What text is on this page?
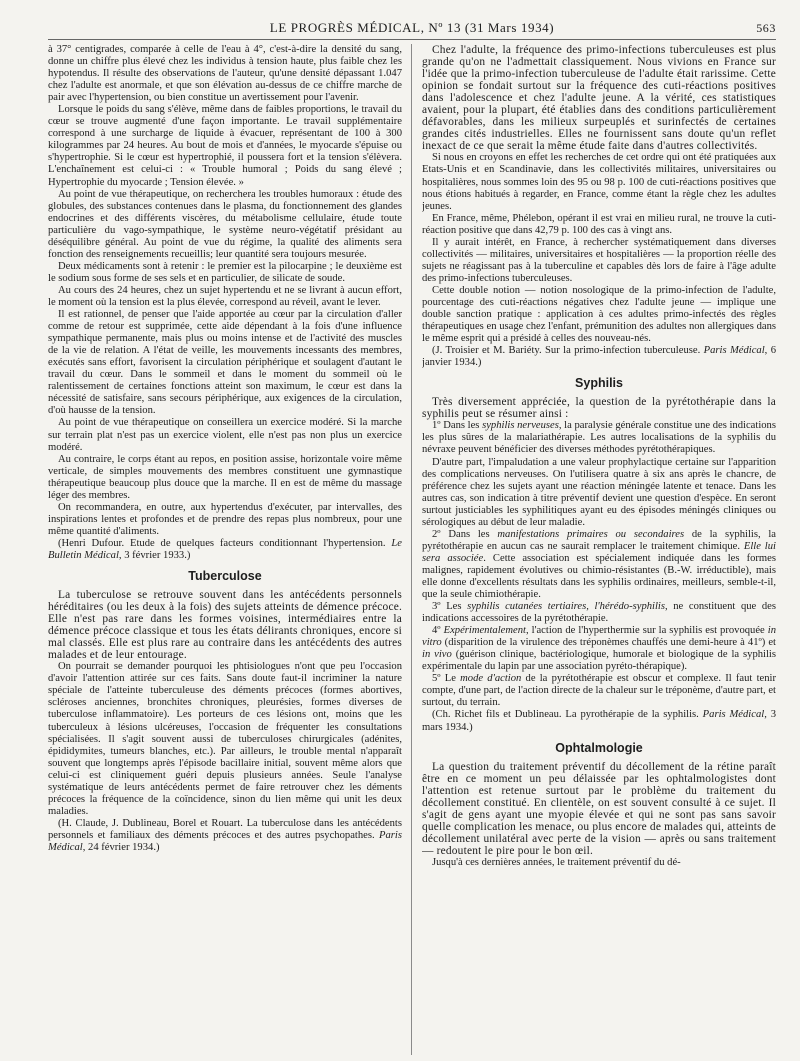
LE PROGRÈS MÉDICAL, Nº 13 (31 Mars 1934)	563

à 37° centigrades, comparée à celle de l'eau à 4°, c'est-à-dire la densité du sang, donne un chiffre plus élevé chez les individus à tension haute, plus faible chez les hypotendus. Il résulte des observations de l'auteur, qu'une densité dépassant 1.047 chez l'adulte est anormale, et que son élévation au-dessus de ce chiffre marche de pair avec l'hypertension, ou bien constitue un avertissement pour l'avenir.

Lorsque le poids du sang s'élève, même dans de faibles proportions, le travail du cœur se trouve augmenté d'une façon importante. Le travail supplémentaire correspond à une surcharge de liquide à évacuer, représentant de 100 à 300 kilogrammes par 24 heures. Au bout de mois et d'années, le myocarde s'épuise ou s'hypertrophie. Si le cœur est hypertrophié, il poussera fort et la tension s'élèvera. L'enchaînement est celui-ci : « Trouble humoral ; Poids du sang élevé ; Hypertrophie du myocarde ; Tension élevée. »

Au point de vue thérapeutique, on recherchera les troubles humoraux : étude des globules, des substances contenues dans le plasma, du fonctionnement des glandes endocrines et des différents viscères, du métabolisme cellulaire, étude toute particulière du vago-sympathique, le système neuro-végétatif présidant au déséquilibre général. Au point de vue du régime, la qualité des aliments sera fonction des renseignements recueillis; leur quantité sera toujours mesurée.

Deux médicaments sont à retenir : le premier est la pilocarpine ; le deuxième est le sodium sous forme de ses sels et en particulier, de silicate de soude.

Au cours des 24 heures, chez un sujet hypertendu et ne se livrant à aucun effort, le moment où la tension est la plus élevée, correspond au réveil, avant le lever.

Il est rationnel, de penser que l'aide apportée au cœur par la circulation d'aller comme de retour est supprimée, cette aide dépendant à la fois d'une influence sympathique permanente, mais plus ou moins intense et de l'activité des muscles de la vie de relation. A l'état de veille, les mouvements incessants des membres, exécutés sans effort, favorisent la circulation périphérique et soulagent d'autant le travail du cœur. Dans le sommeil et dans le moment du sommeil où le ralentissement de certaines fonctions atteint son maximum, le cœur est dans la nécessité de satisfaire, sans secours périphérique, aux exigences de la circulation, d'où hausse de la tension.

Au point de vue thérapeutique on conseillera un exercice modéré. Si la marche sur terrain plat n'est pas un exercice violent, elle n'est pas non plus un exercice modéré.

Au contraire, le corps étant au repos, en position assise, horizontale voire même verticale, de simples mouvements des membres constituent une gymnastique thérapeutique beaucoup plus douce que la marche. Il en est de même du massage léger des membres.

On recommandera, en outre, aux hypertendus d'exécuter, par intervalles, des inspirations lentes et profondes et de prendre des repas plus nombreux, pour une même quantité d'aliments.

(Henri Dufour. Etude de quelques facteurs conditionnant l'hypertension. Le Bulletin Médical, 3 février 1933.)

Tuberculose

La tuberculose se retrouve souvent dans les antécédents personnels héréditaires (ou les deux à la fois) des sujets atteints de démence précoce. Elle n'est pas rare dans les formes voisines, intermédiaires entre la démence précoce classique et tous les états délirants chroniques, encore si mal classés. Elle est plus rare au contraire dans les antécédents des autres malades et de leur entourage.

On pourrait se demander pourquoi les phtisiologues n'ont que peu l'occasion d'avoir l'attention attirée sur ces faits. Sans doute faut-il incriminer la nature spéciale de l'atteinte tuberculeuse des déments précoces (formes abortives, scléroses anciennes, bronchites chroniques, pleurésies, formes diverses de tuberculose inflammatoire). Les porteurs de ces lésions ont, moins que les tuberculeux à lésions ulcéreuses, l'occasion de fréquenter les consultations spécialisées. Il s'agit souvent aussi de tuberculoses chirurgicales (adénites, épididymites, tumeurs blanches, etc.). Par ailleurs, le trouble mental n'apparaît souvent que longtemps après l'épisode bacillaire initial, souvent même alors que celui-ci est cliniquement guéri depuis plusieurs années. Seule l'analyse systématique de leurs antécédents permet de faire retrouver chez les déments précoces la fréquence de la coïncidence, sinon du lien même qui unit les deux maladies.

(H. Claude, J. Dublineau, Borel et Rouart. La tuberculose dans les antécédents personnels et familiaux des déments précoces et des autres psychopathes. Paris Médical, 24 février 1934.)

Chez l'adulte, la fréquence des primo-infections tuberculeuses est plus grande qu'on ne l'admettait classiquement. Nous vivions en France sur l'idée que la primo-infection tuberculeuse de l'adulte était rarissime. Cette opinion se fondait surtout sur la fréquence des cuti-réactions positives dans l'adolescence et chez l'adulte jeune. A la vérité, ces statistiques avaient, pour la plupart, été établies dans des conditions particulièrement défavorables, dans les milieux surpeuplés et surinfectés de certaines grandes cités industrielles. Elles ne fournissent sans doute qu'un reflet inexact de ce que serait la même étude faite dans d'autres collectivités.

Si nous en croyons en effet les recherches de cet ordre qui ont été pratiquées aux Etats-Unis et en Scandinavie, dans les collectivités militaires, universitaires ou hospitalières, nous sommes loin des 95 ou 98 p. 100 de cuti-réactions positives que nous étions habitués à regarder, en France, comme étant la règle chez les adultes jeunes.

En France, même, Phélebon, opérant il est vrai en milieu rural, ne trouve la cuti-réaction positive que dans 42,79 p. 100 des cas à vingt ans.

Il y aurait intérêt, en France, à rechercher systématiquement dans diverses collectivités — militaires, universitaires et hospitalières — la proportion réelle des sujets ne réagissant pas à la tuberculine et capables dès lors de faire à l'âge adulte des primo-infections tuberculeuses.

Cette double notion — notion nosologique de la primo-infection de l'adulte, pourcentage des cuti-réactions négatives chez l'adulte jeune — implique une double sanction pratique : application à ces adultes primo-infectés des règles thérapeutiques en usage chez l'enfant, prémunition des adultes non allergiques dans le même esprit qui a présidé à celles des nouveau-nés.

(J. Troisier et M. Bariéty. Sur la primo-infection tuberculeuse. Paris Médical, 6 janvier 1934.)

Syphilis

Très diversement appréciée, la question de la pyrétothérapie dans la syphilis peut se résumer ainsi :

1º Dans les syphilis nerveuses, la paralysie générale constitue une des indications les plus sûres de la malariathérapie. Les autres localisations de la syphilis du névraxe peuvent bénéficier des diverses méthodes pyrétothérapiques.

D'autre part, l'impaludation a une valeur prophylactique certaine sur l'apparition des complications nerveuses. On l'utilisera quatre à six ans après le chancre, de préférence chez les sujets ayant une réaction méningée latente et tenace. Dans les autres cas, son indication à titre préventif devient une question d'espèce. En seront surtout justiciables les syphilitiques ayant eu des épisodes méningés cliniques ou sérologiques au début de leur maladie.

2º Dans les manifestations primaires ou secondaires de la syphilis, la pyrétothérapie en aucun cas ne saurait remplacer le traitement chimique. Elle lui sera associée. Cette association est spécialement indiquée dans les formes malignes, rapidement évolutives ou chimio-résistantes (B.-W. irréductible), mais elle donne d'excellents résultats dans les syphilis ordinaires, meilleurs, semble-t-il, que la seule chimiothérapie.

3º Les syphilis cutanées tertiaires, l'hérédo-syphilis, ne constituent que des indications accessoires de la pyrétothérapie.

4º Expérimentalement, l'action de l'hyperthermie sur la syphilis est provoquée in vitro (disparition de la virulence des tréponèmes chauffés une demi-heure à 41º) et in vivo (guérison clinique, bactériologique, humorale et biologique de la syphilis expérimentale du lapin par une association pyréto-thérapique).

5º Le mode d'action de la pyrétothérapie est obscur et complexe. Il faut tenir compte, d'une part, de l'action directe de la chaleur sur le tréponème, d'autre part, et surtout, du terrain.

(Ch. Richet fils et Dublineau. La pyrothérapie de la syphilis. Paris Médical, 3 mars 1934.)

Ophtalmologie

La question du traitement préventif du décollement de la rétine paraît être en ce moment un peu délaissée par les ophtalmologistes dont l'attention est retenue surtout par le problème du traitement du décollement constitué. En clientèle, on est souvent consulté à ce sujet. Il s'agit de gens ayant une myopie élevée et qui ne sont pas sans savoir quelle complication les menace, ou plus encore de malades qui, atteints de décollement unilatéral avec perte de la vision — après ou sans traitement — redoutent le pire pour le bon œil.

Jusqu'à ces dernières années, le traitement préventif du dé-
